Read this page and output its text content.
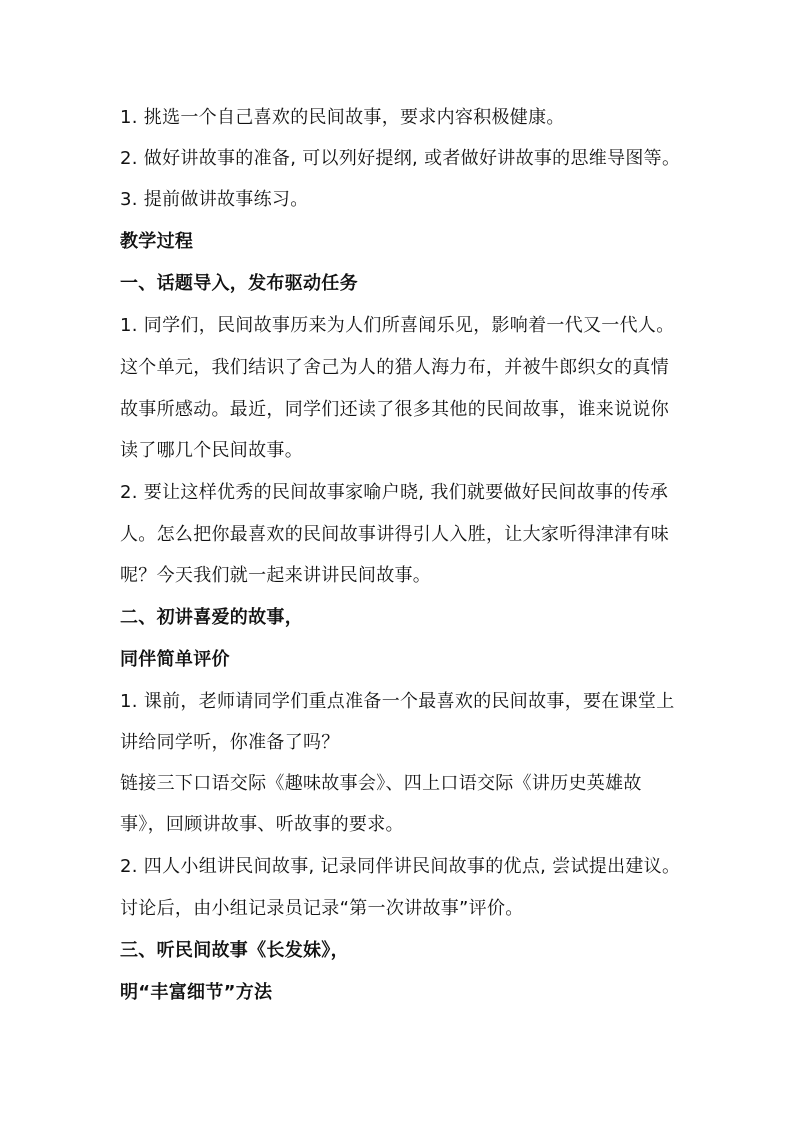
1. 挑选一个自己喜欢的民间故事，要求内容积极健康。
2. 做好讲故事的准备, 可以列好提纲, 或者做好讲故事的思维导图等。
3. 提前做讲故事练习。
教学过程
一、话题导入，发布驱动任务
1. 同学们，民间故事历来为人们所喜闻乐见，影响着一代又一代人。
这个单元，我们结识了舍己为人的猎人海力布，并被牛郎织女的真情
故事所感动。最近，同学们还读了很多其他的民间故事，谁来说说你
读了哪几个民间故事。
2. 要让这样优秀的民间故事家喻户晓, 我们就要做好民间故事的传承
人。怎么把你最喜欢的民间故事讲得引人入胜，让大家听得津津有味
呢？今天我们就一起来讲讲民间故事。
二、初讲喜爱的故事，
同伴简单评价
1. 课前，老师请同学们重点准备一个最喜欢的民间故事，要在课堂上
讲给同学听，你准备了吗？
链接三下口语交际《趣味故事会》、四上口语交际《讲历史英雄故
事》，回顾讲故事、听故事的要求。
2. 四人小组讲民间故事, 记录同伴讲民间故事的优点, 尝试提出建议。
讨论后，由小组记录员记录“第一次讲故事”评价。
三、听民间故事《长发妹》，
明“丰富细节”方法
